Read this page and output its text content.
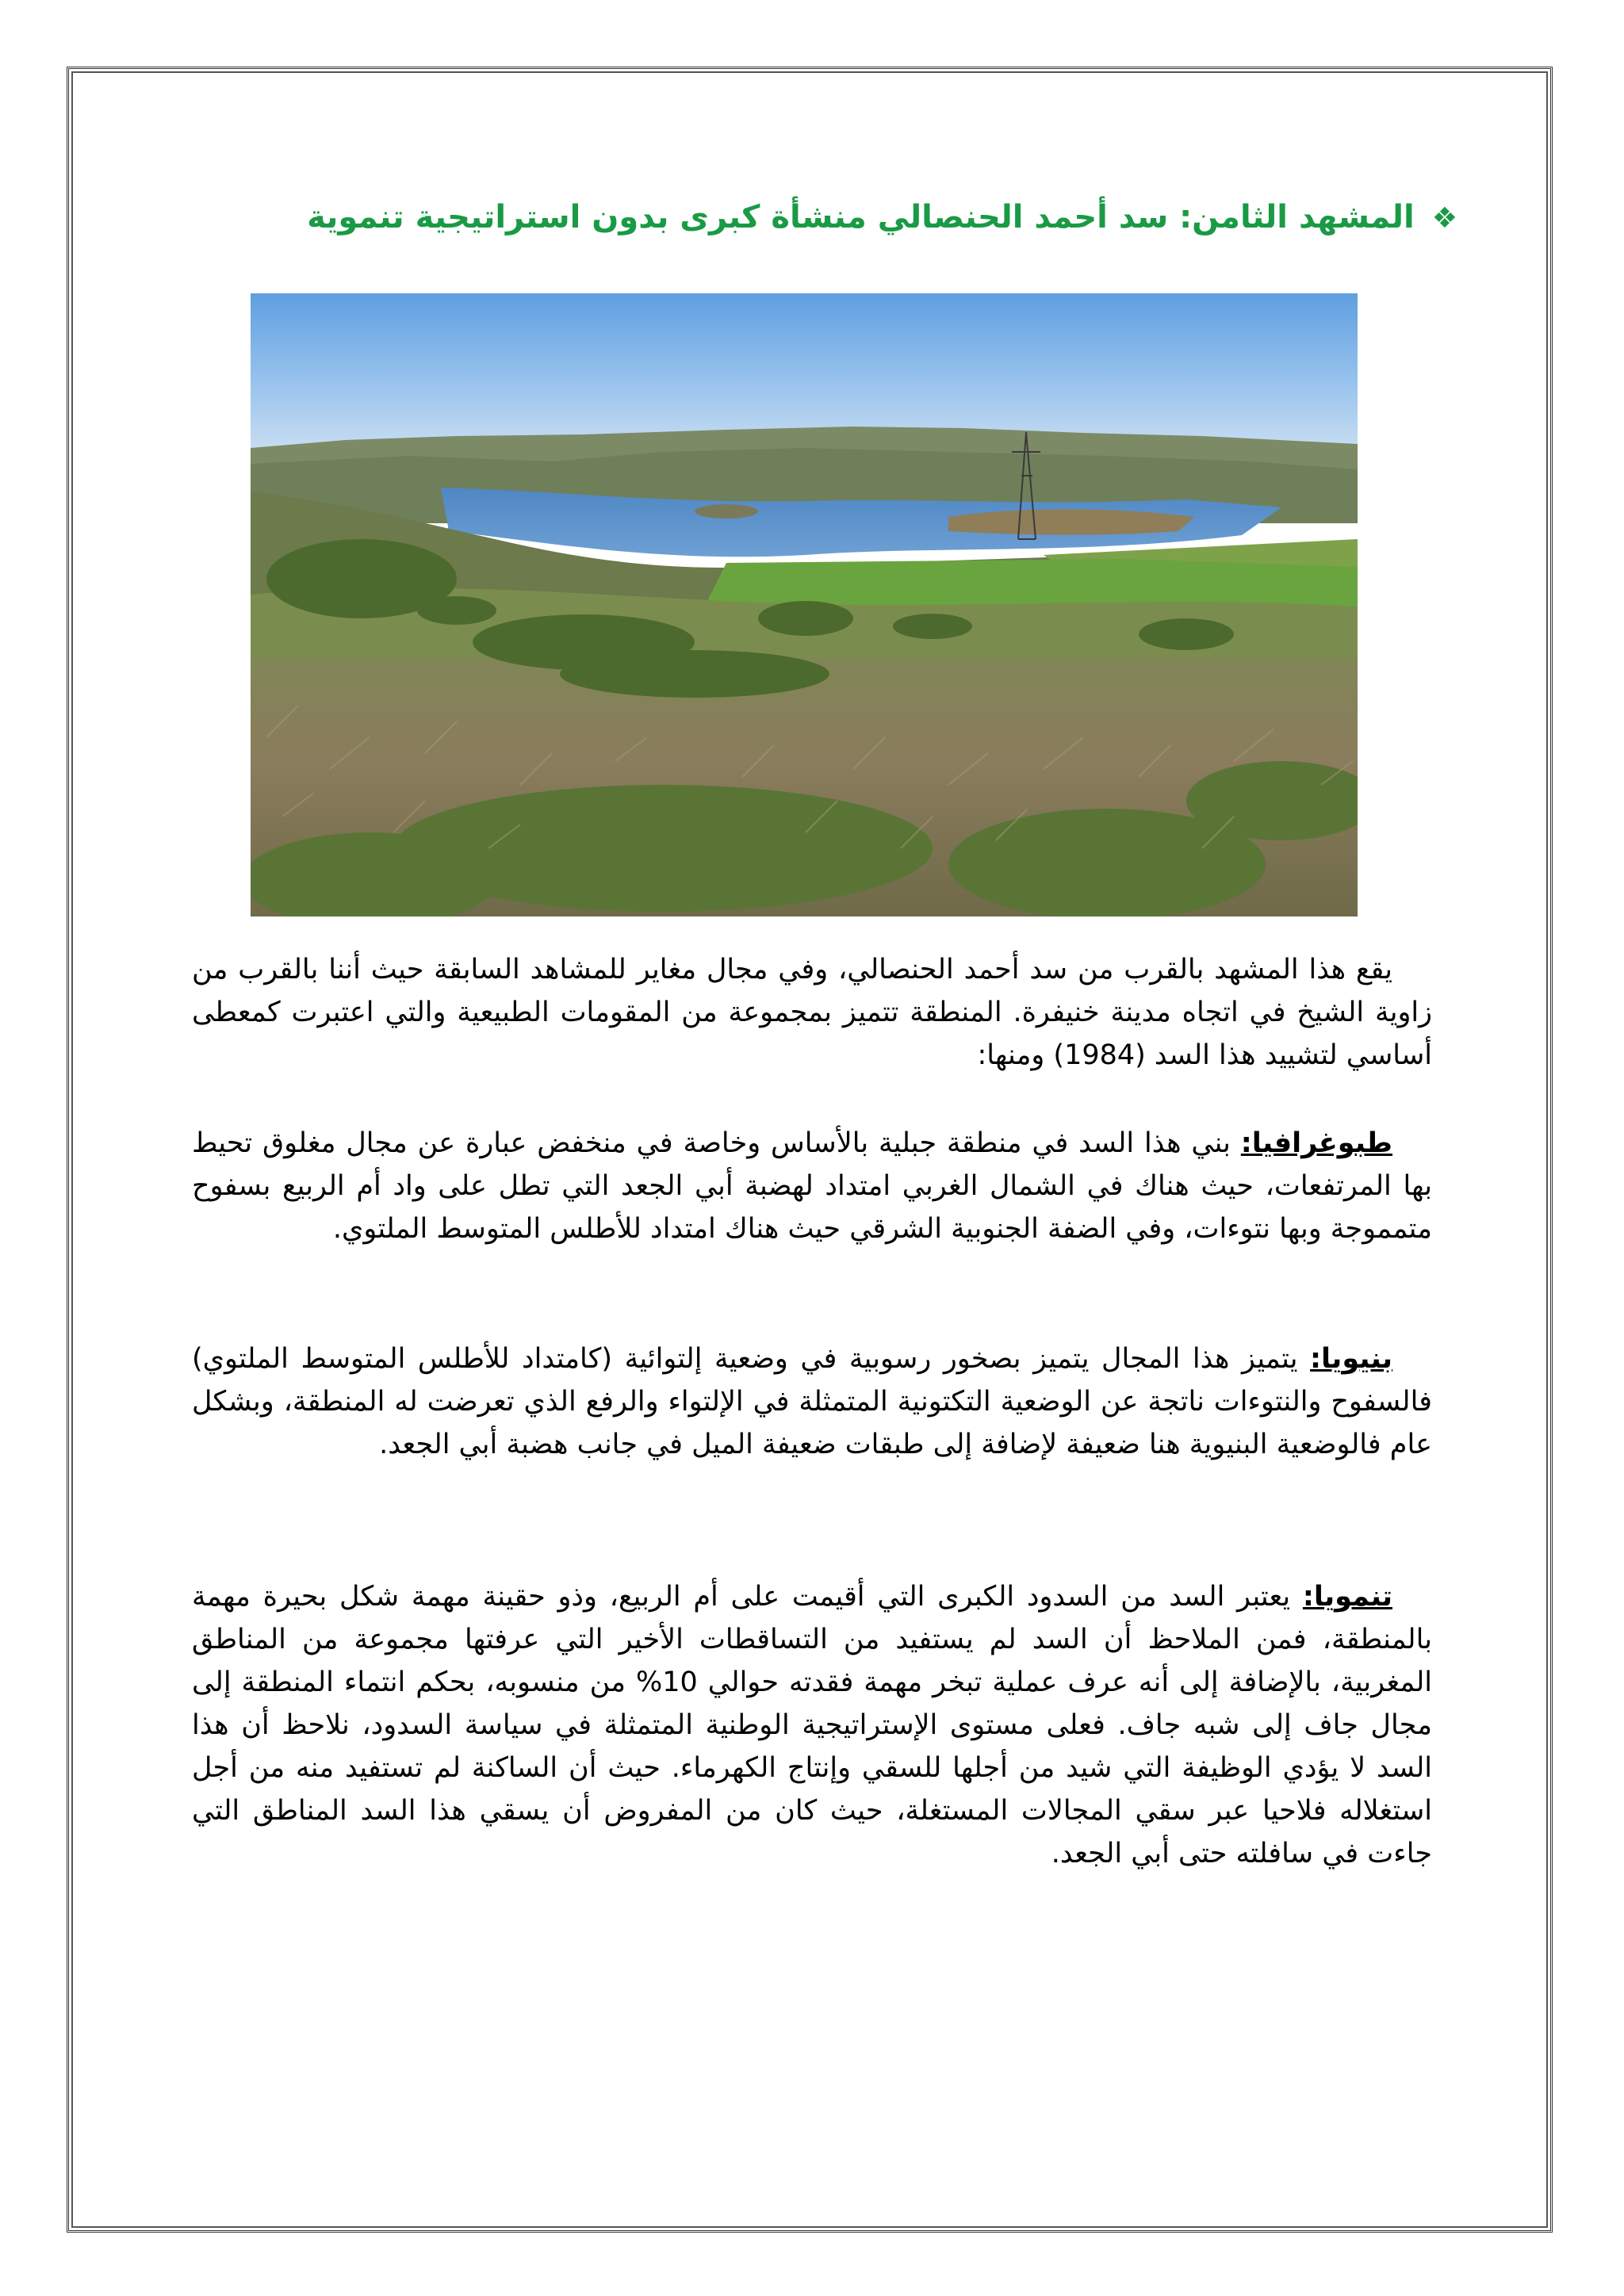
❖المشهد الثامن: سد أحمد الحنصالي منشأة كبرى بدون استراتيجية تنموية
يقع هذا المشهد بالقرب من سد أحمد الحنصالي، وفي مجال مغاير للمشاهد السابقة حيث أننا بالقرب من زاوية الشيخ في اتجاه مدينة خنيفرة. المنطقة تتميز بمجموعة من المقومات الطبيعية والتي اعتبرت كمعطى أساسي لتشييد هذا السد (1984) ومنها:
طبوغرافيا: بني هذا السد في منطقة جبلية بالأساس وخاصة في منخفض عبارة عن مجال مغلوق تحيط بها المرتفعات، حيث هناك في الشمال الغربي امتداد لهضبة أبي الجعد التي تطل على واد أم الربيع بسفوح متمموجة وبها نتوءات، وفي الضفة الجنوبية الشرقي حيث هناك امتداد للأطلس المتوسط الملتوي.
بنيويا: يتميز هذا المجال يتميز بصخور رسوبية في وضعية إلتوائية (كامتداد للأطلس المتوسط الملتوي) فالسفوح والنتوءات ناتجة عن الوضعية التكتونية المتمثلة في الإلتواء والرفع الذي تعرضت له المنطقة، وبشكل عام فالوضعية البنيوية هنا ضعيفة لإضافة إلى طبقات ضعيفة الميل في جانب هضبة أبي الجعد.
تنمويا: يعتبر السد من السدود الكبرى التي أقيمت على أم الربيع، وذو حقينة مهمة شكل بحيرة مهمة بالمنطقة، فمن الملاحظ أن السد لم يستفيد من التساقطات الأخير التي عرفتها مجموعة من المناطق المغربية، بالإضافة إلى أنه عرف عملية تبخر مهمة فقدته حوالي 10% من منسوبه، بحكم انتماء المنطقة إلى مجال جاف إلى شبه جاف. فعلى مستوى الإستراتيجية الوطنية المتمثلة في سياسة السدود، نلاحظ أن هذا السد لا يؤدي الوظيفة التي شيد من أجلها للسقي وإنتاج الكهرماء. حيث أن الساكنة لم تستفيد منه من أجل استغلاله فلاحيا عبر سقي المجالات المستغلة، حيث كان من المفروض أن يسقي هذا السد المناطق التي جاءت في سافلته حتى أبي الجعد.
